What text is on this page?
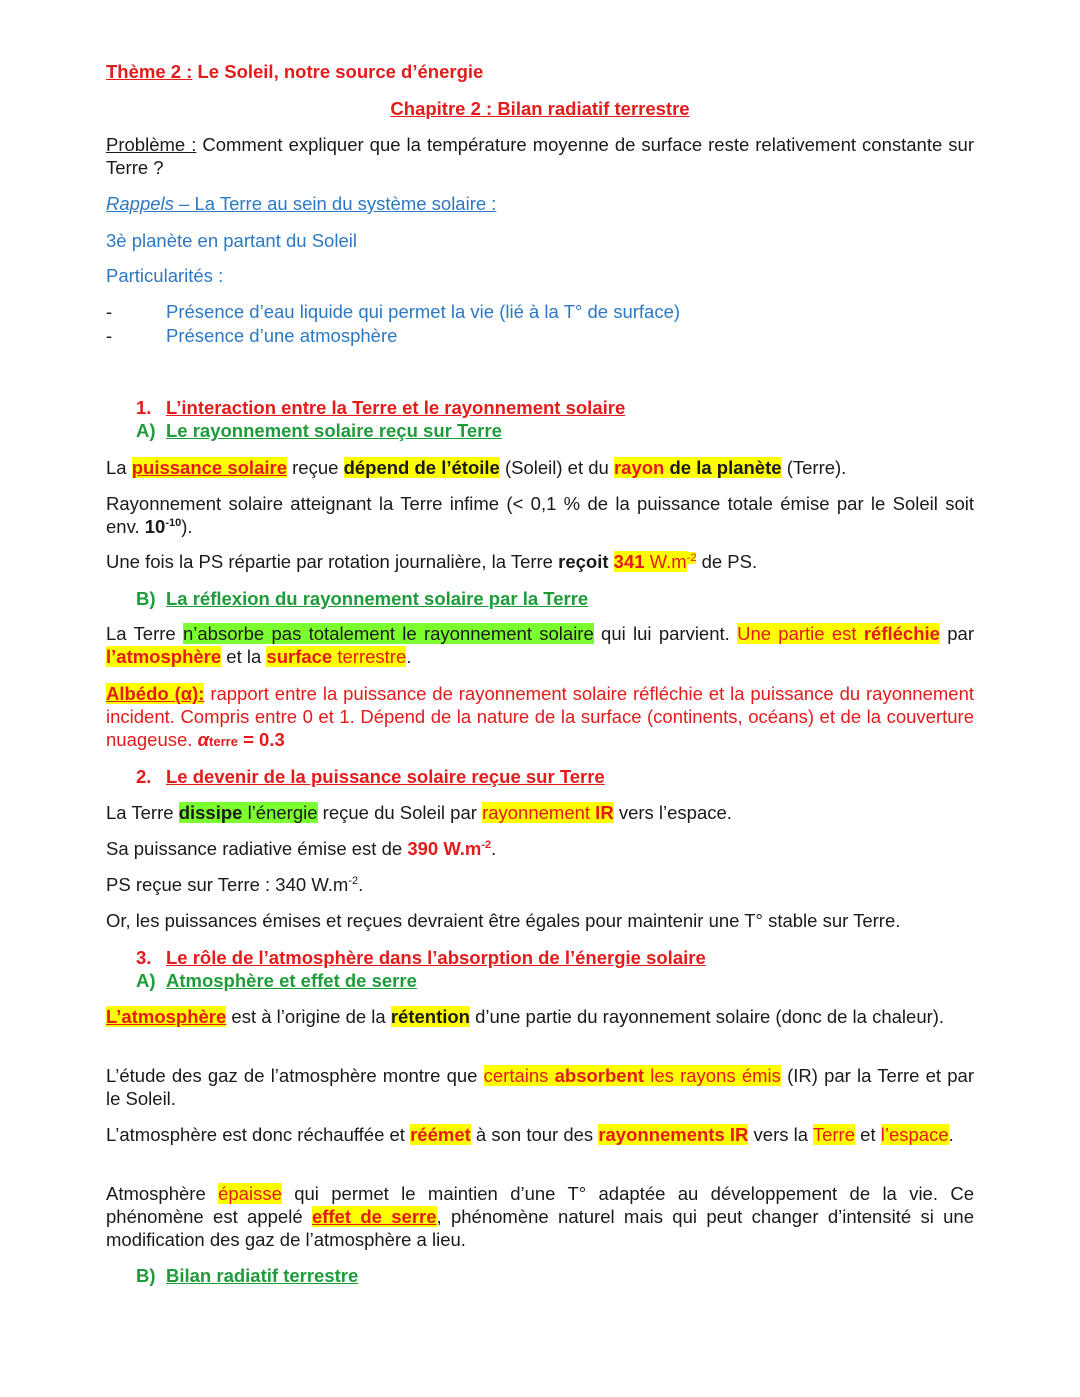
Thème 2 : Le Soleil, notre source d’énergie
Chapitre 2 : Bilan radiatif terrestre
Problème : Comment expliquer que la température moyenne de surface reste relativement constante sur Terre ?
Rappels – La Terre au sein du système solaire :
3è planète en partant du Soleil
Particularités :
-	Présence d’eau liquide qui permet la vie (lié à la T° de surface)
-	Présence d’une atmosphère
1. L’interaction entre la Terre et le rayonnement solaire
A) Le rayonnement solaire reçu sur Terre
La puissance solaire reçue dépend de l’étoile (Soleil) et du rayon de la planète (Terre).
Rayonnement solaire atteignant la Terre infime (< 0,1 % de la puissance totale émise par le Soleil soit env. $10^{-10}$).
Une fois la PS répartie par rotation journalière, la Terre reçoit 341 $W.m^{-2}$ de PS.
B) La réflexion du rayonnement solaire par la Terre
La Terre n’absorbe pas totalement le rayonnement solaire qui lui parvient. Une partie est réfléchie par l’atmosphère et la surface terrestre.
Albédo (α): rapport entre la puissance de rayonnement solaire réfléchie et la puissance du rayonnement incident. Compris entre 0 et 1. Dépend de la nature de la surface (continents, océans) et de la couverture nuageuse. αterre = 0.3
2. Le devenir de la puissance solaire reçue sur Terre
La Terre dissipe l’énergie reçue du Soleil par rayonnement IR vers l’espace.
Sa puissance radiative émise est de 390 $W.m^{-2}$.
PS reçue sur Terre : 340 $W.m^{-2}$.
Or, les puissances émises et reçues devraient être égales pour maintenir une T° stable sur Terre.
3. Le rôle de l’atmosphère dans l’absorption de l’énergie solaire
A) Atmosphère et effet de serre
L’atmosphère est à l’origine de la rétention d’une partie du rayonnement solaire (donc de la chaleur).
L’étude des gaz de l’atmosphère montre que certains absorbent les rayons émis (IR) par la Terre et par le Soleil.
L’atmosphère est donc réchauffée et réémet à son tour des rayonnements IR vers la Terre et l’espace.
Atmosphère épaisse qui permet le maintien d’une T° adaptée au développement de la vie. Ce phénomène est appelé effet de serre, phénomène naturel mais qui peut changer d’intensité si une modification des gaz de l’atmosphère a lieu.
B) Bilan radiatif terrestre
